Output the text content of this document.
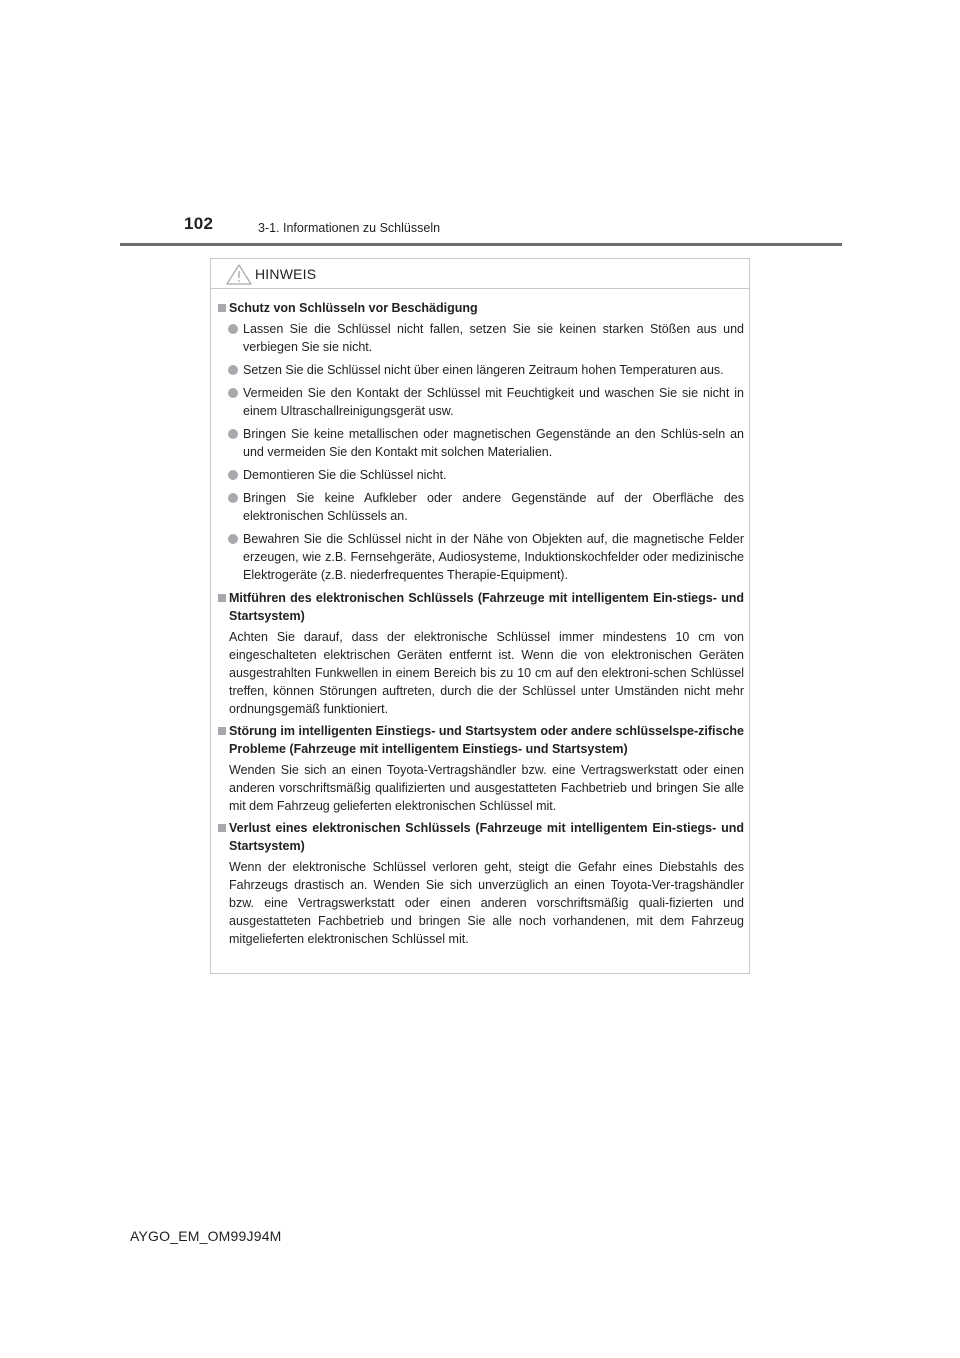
102	3-1. Informationen zu Schlüsseln
HINWEIS
Schutz von Schlüsseln vor Beschädigung
Lassen Sie die Schlüssel nicht fallen, setzen Sie sie keinen starken Stößen aus und verbiegen Sie sie nicht.
Setzen Sie die Schlüssel nicht über einen längeren Zeitraum hohen Temperaturen aus.
Vermeiden Sie den Kontakt der Schlüssel mit Feuchtigkeit und waschen Sie sie nicht in einem Ultraschallreinigungsgerät usw.
Bringen Sie keine metallischen oder magnetischen Gegenstände an den Schlüs-seln an und vermeiden Sie den Kontakt mit solchen Materialien.
Demontieren Sie die Schlüssel nicht.
Bringen Sie keine Aufkleber oder andere Gegenstände auf der Oberfläche des elektronischen Schlüssels an.
Bewahren Sie die Schlüssel nicht in der Nähe von Objekten auf, die magnetische Felder erzeugen, wie z.B. Fernsehgeräte, Audiosysteme, Induktionskochfelder oder medizinische Elektrogeräte (z.B. niederfrequentes Therapie-Equipment).
Mitführen des elektronischen Schlüssels (Fahrzeuge mit intelligentem Ein-stiegs- und Startsystem)
Achten Sie darauf, dass der elektronische Schlüssel immer mindestens 10 cm von eingeschalteten elektrischen Geräten entfernt ist. Wenn die von elektronischen Geräten ausgestrahlten Funkwellen in einem Bereich bis zu 10 cm auf den elektroni-schen Schlüssel treffen, können Störungen auftreten, durch die der Schlüssel unter Umständen nicht mehr ordnungsgemäß funktioniert.
Störung im intelligenten Einstiegs- und Startsystem oder andere schlüsselspe-zifische Probleme (Fahrzeuge mit intelligentem Einstiegs- und Startsystem)
Wenden Sie sich an einen Toyota-Vertragshändler bzw. eine Vertragswerkstatt oder einen anderen vorschriftsmäßig qualifizierten und ausgestatteten Fachbetrieb und bringen Sie alle mit dem Fahrzeug gelieferten elektronischen Schlüssel mit.
Verlust eines elektronischen Schlüssels (Fahrzeuge mit intelligentem Ein-stiegs- und Startsystem)
Wenn der elektronische Schlüssel verloren geht, steigt die Gefahr eines Diebstahls des Fahrzeugs drastisch an. Wenden Sie sich unverzüglich an einen Toyota-Ver-tragshändler bzw. eine Vertragswerkstatt oder einen anderen vorschriftsmäßig quali-fizierten und ausgestatteten Fachbetrieb und bringen Sie alle noch vorhandenen, mit dem Fahrzeug mitgelieferten elektronischen Schlüssel mit.
AYGO_EM_OM99J94M
